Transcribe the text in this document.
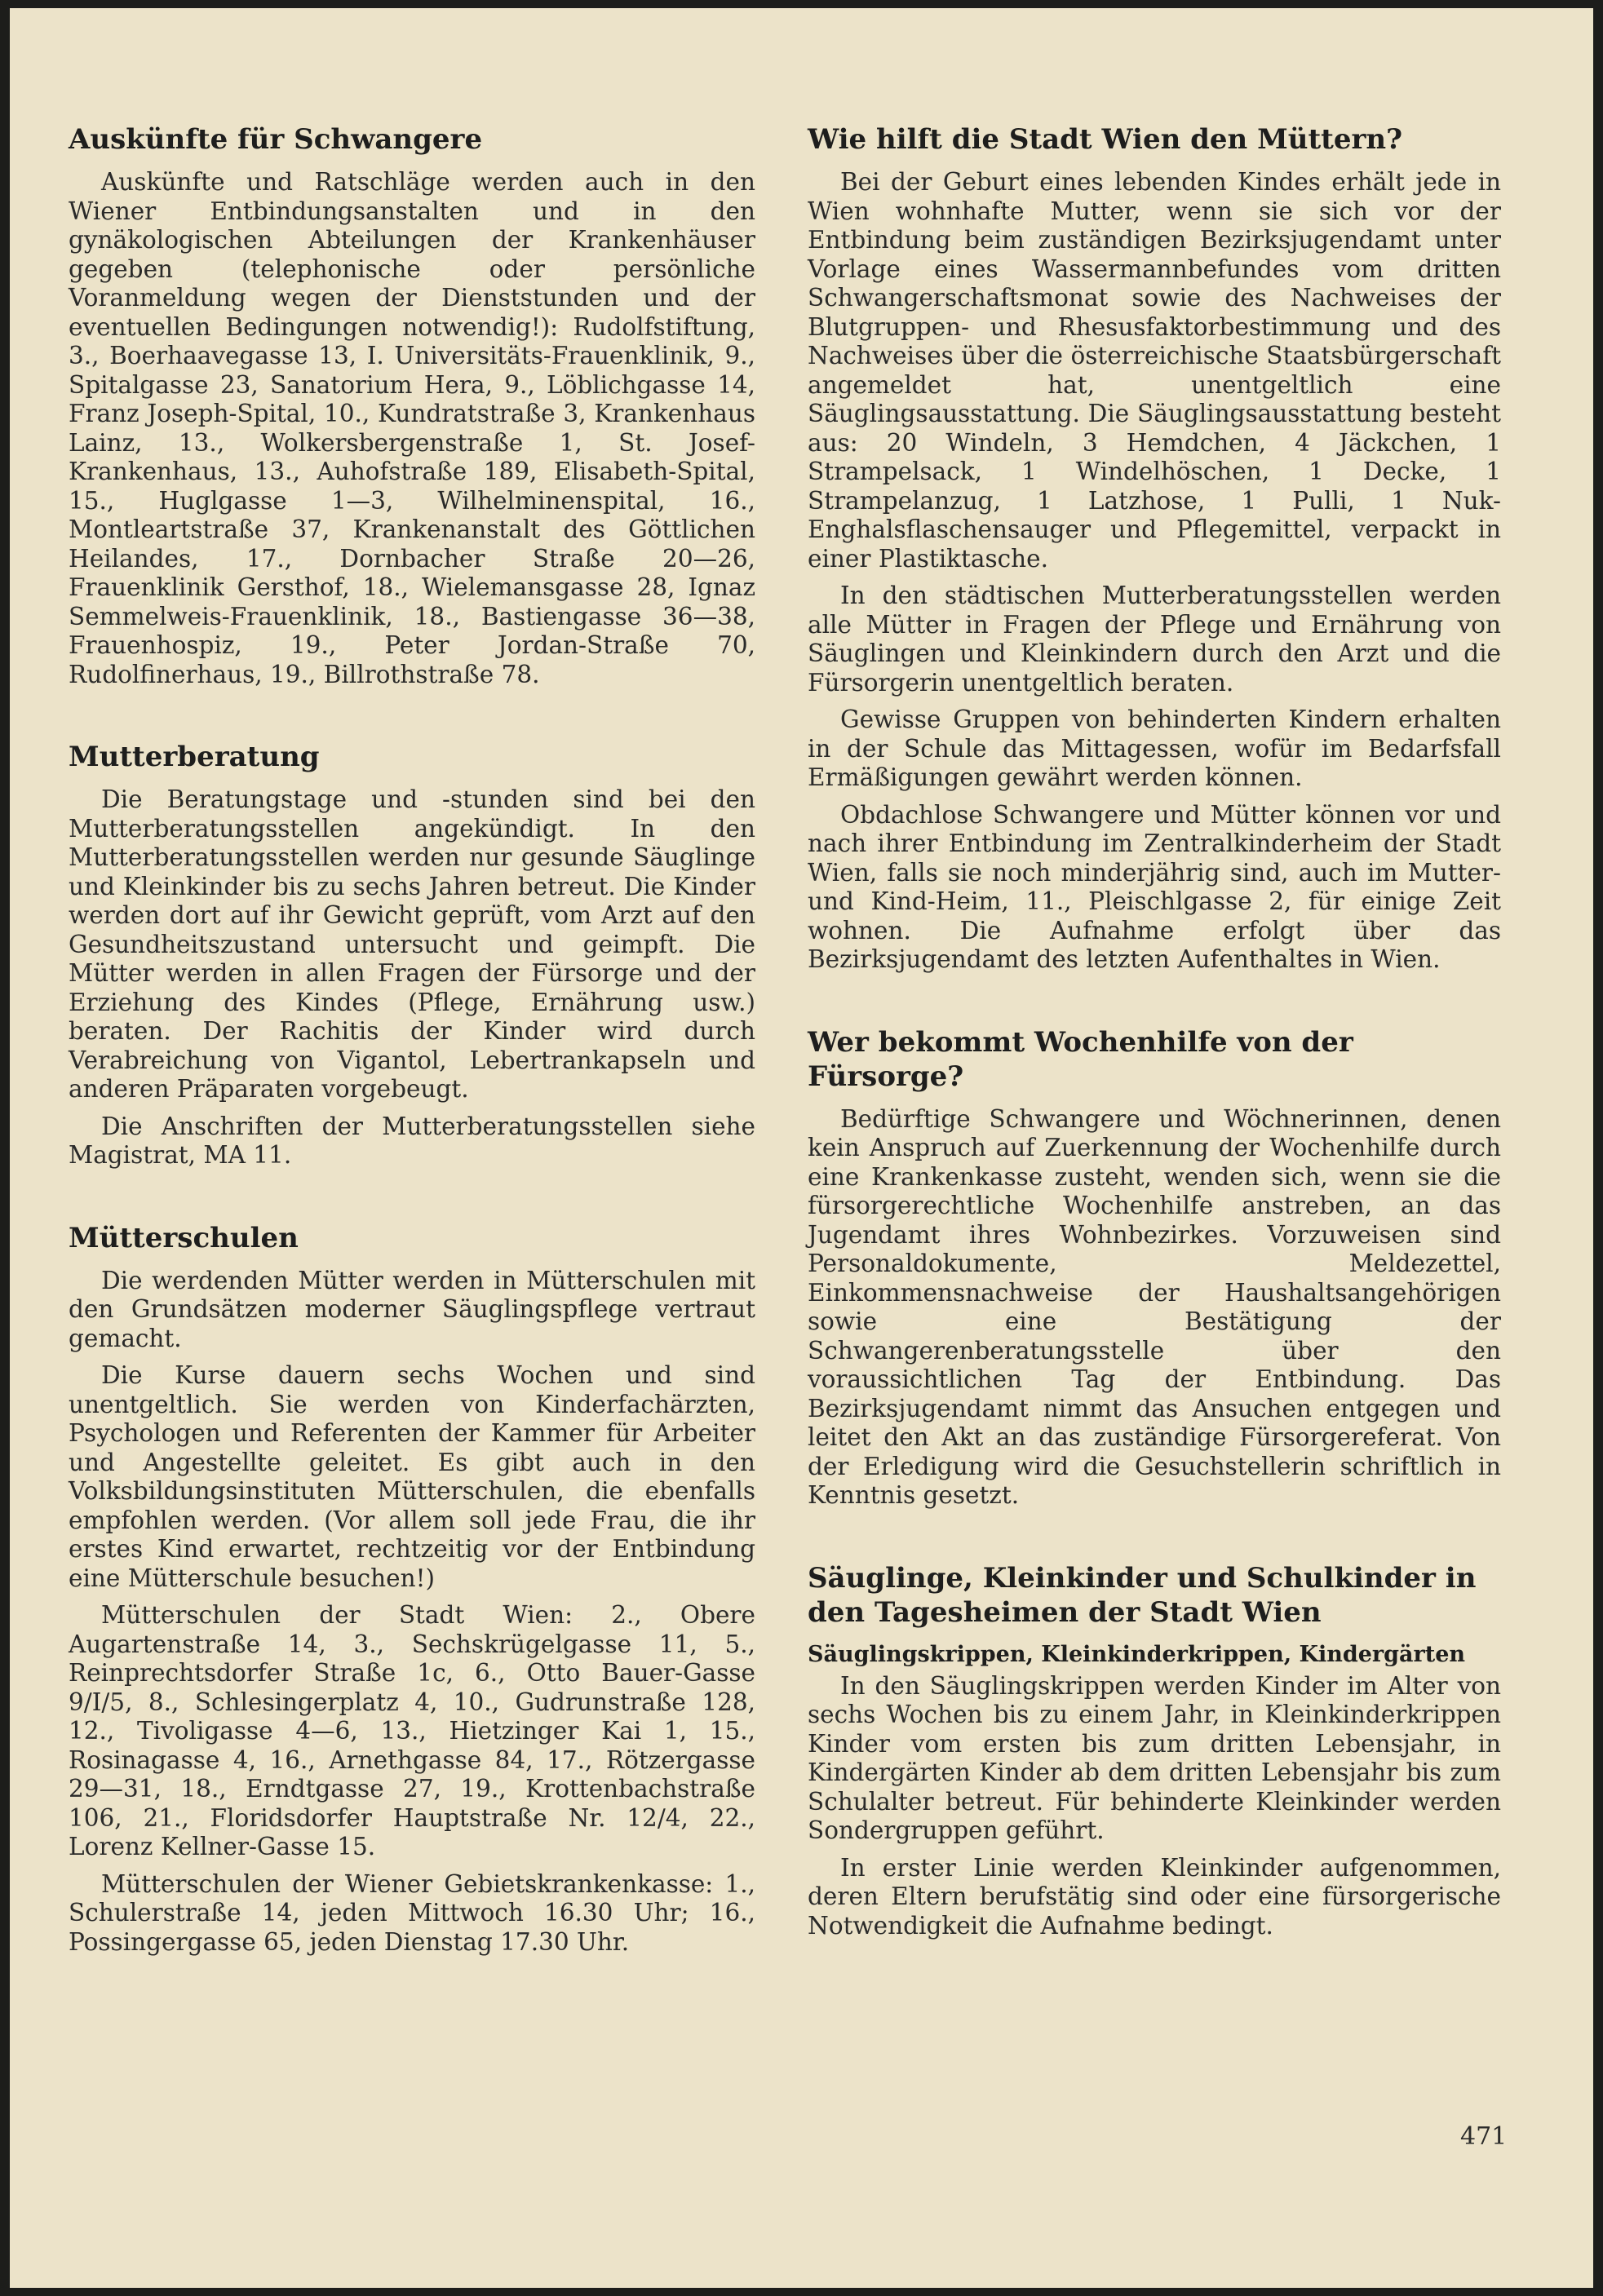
Auskünfte für Schwangere

Auskünfte und Ratschläge werden auch in den Wiener Entbindungsanstalten und in den gynäkologischen Abteilungen der Krankenhäuser gegeben (telephonische oder persönliche Voranmeldung wegen der Dienststunden und der eventuellen Bedingungen notwendig!): Rudolfstiftung, 3., Boerhaavegasse 13, I. Universitäts-Frauenklinik, 9., Spitalgasse 23, Sanatorium Hera, 9., Löblichgasse 14, Franz Joseph-Spital, 10., Kundratstraße 3, Krankenhaus Lainz, 13., Wolkersbergenstraße 1, St. Josef-Krankenhaus, 13., Auhofstraße 189, Elisabeth-Spital, 15., Huglgasse 1—3, Wilhelminenspital, 16., Montleartstraße 37, Krankenanstalt des Göttlichen Heilandes, 17., Dornbacher Straße 20—26, Frauenklinik Gersthof, 18., Wielemansgasse 28, Ignaz Semmelweis-Frauenklinik, 18., Bastiengasse 36—38, Frauenhospiz, 19., Peter Jordan-Straße 70, Rudolfinerhaus, 19., Billrothstraße 78.

Mutterberatung

Die Beratungstage und -stunden sind bei den Mutterberatungsstellen angekündigt. In den Mutterberatungsstellen werden nur gesunde Säuglinge und Kleinkinder bis zu sechs Jahren betreut. Die Kinder werden dort auf ihr Gewicht geprüft, vom Arzt auf den Gesundheitszustand untersucht und geimpft. Die Mütter werden in allen Fragen der Fürsorge und der Erziehung des Kindes (Pflege, Ernährung usw.) beraten. Der Rachitis der Kinder wird durch Verabreichung von Vigantol, Lebertrankapseln und anderen Präparaten vorgebeugt.

Die Anschriften der Mutterberatungsstellen siehe Magistrat, MA 11.

Mütterschulen

Die werdenden Mütter werden in Mütterschulen mit den Grundsätzen moderner Säuglingspflege vertraut gemacht.

Die Kurse dauern sechs Wochen und sind unentgeltlich. Sie werden von Kinderfachärzten, Psychologen und Referenten der Kammer für Arbeiter und Angestellte geleitet. Es gibt auch in den Volksbildungsinstituten Mütterschulen, die ebenfalls empfohlen werden. (Vor allem soll jede Frau, die ihr erstes Kind erwartet, rechtzeitig vor der Entbindung eine Mütterschule besuchen!)

Mütterschulen der Stadt Wien: 2., Obere Augartenstraße 14, 3., Sechskrügelgasse 11, 5., Reinprechtsdorfer Straße 1c, 6., Otto Bauer-Gasse 9/I/5, 8., Schlesingerplatz 4, 10., Gudrunstraße 128, 12., Tivoligasse 4—6, 13., Hietzinger Kai 1, 15., Rosinagasse 4, 16., Arnethgasse 84, 17., Rötzergasse 29—31, 18., Erndtgasse 27, 19., Krottenbachstraße 106, 21., Floridsdorfer Hauptstraße Nr. 12/4, 22., Lorenz Kellner-Gasse 15.

Mütterschulen der Wiener Gebietskrankenkasse: 1., Schulerstraße 14, jeden Mittwoch 16.30 Uhr; 16., Possingergasse 65, jeden Dienstag 17.30 Uhr.

Wie hilft die Stadt Wien den Müttern?

Bei der Geburt eines lebenden Kindes erhält jede in Wien wohnhafte Mutter, wenn sie sich vor der Entbindung beim zuständigen Bezirksjugendamt unter Vorlage eines Wassermannbefundes vom dritten Schwangerschaftsmonat sowie des Nachweises der Blutgruppen- und Rhesusfaktorbestimmung und des Nachweises über die österreichische Staatsbürgerschaft angemeldet hat, unentgeltlich eine Säuglingsausstattung. Die Säuglingsausstattung besteht aus: 20 Windeln, 3 Hemdchen, 4 Jäckchen, 1 Strampelsack, 1 Windelhöschen, 1 Decke, 1 Strampelanzug, 1 Latzhose, 1 Pulli, 1 Nuk-Enghalsflaschensauger und Pflegemittel, verpackt in einer Plastiktasche.

In den städtischen Mutterberatungsstellen werden alle Mütter in Fragen der Pflege und Ernährung von Säuglingen und Kleinkindern durch den Arzt und die Fürsorgerin unentgeltlich beraten.

Gewisse Gruppen von behinderten Kindern erhalten in der Schule das Mittagessen, wofür im Bedarfsfall Ermäßigungen gewährt werden können.

Obdachlose Schwangere und Mütter können vor und nach ihrer Entbindung im Zentralkinderheim der Stadt Wien, falls sie noch minderjährig sind, auch im Mutter- und Kind-Heim, 11., Pleischlgasse 2, für einige Zeit wohnen. Die Aufnahme erfolgt über das Bezirksjugendamt des letzten Aufenthaltes in Wien.

Wer bekommt Wochenhilfe von der Fürsorge?

Bedürftige Schwangere und Wöchnerinnen, denen kein Anspruch auf Zuerkennung der Wochenhilfe durch eine Krankenkasse zusteht, wenden sich, wenn sie die fürsorgerechtliche Wochenhilfe anstreben, an das Jugendamt ihres Wohnbezirkes. Vorzuweisen sind Personaldokumente, Meldezettel, Einkommensnachweise der Haushaltsangehörigen sowie eine Bestätigung der Schwangerenberatungsstelle über den voraussichtlichen Tag der Entbindung. Das Bezirksjugendamt nimmt das Ansuchen entgegen und leitet den Akt an das zuständige Fürsorgereferat. Von der Erledigung wird die Gesuchstellerin schriftlich in Kenntnis gesetzt.

Säuglinge, Kleinkinder und Schulkinder in den Tagesheimen der Stadt Wien
Säuglingskrippen, Kleinkinderkrippen, Kindergärten

In den Säuglingskrippen werden Kinder im Alter von sechs Wochen bis zu einem Jahr, in Kleinkinderkrippen Kinder vom ersten bis zum dritten Lebensjahr, in Kindergärten Kinder ab dem dritten Lebensjahr bis zum Schulalter betreut. Für behinderte Kleinkinder werden Sondergruppen geführt.

In erster Linie werden Kleinkinder aufgenommen, deren Eltern berufstätig sind oder eine fürsorgerische Notwendigkeit die Aufnahme bedingt.

471
